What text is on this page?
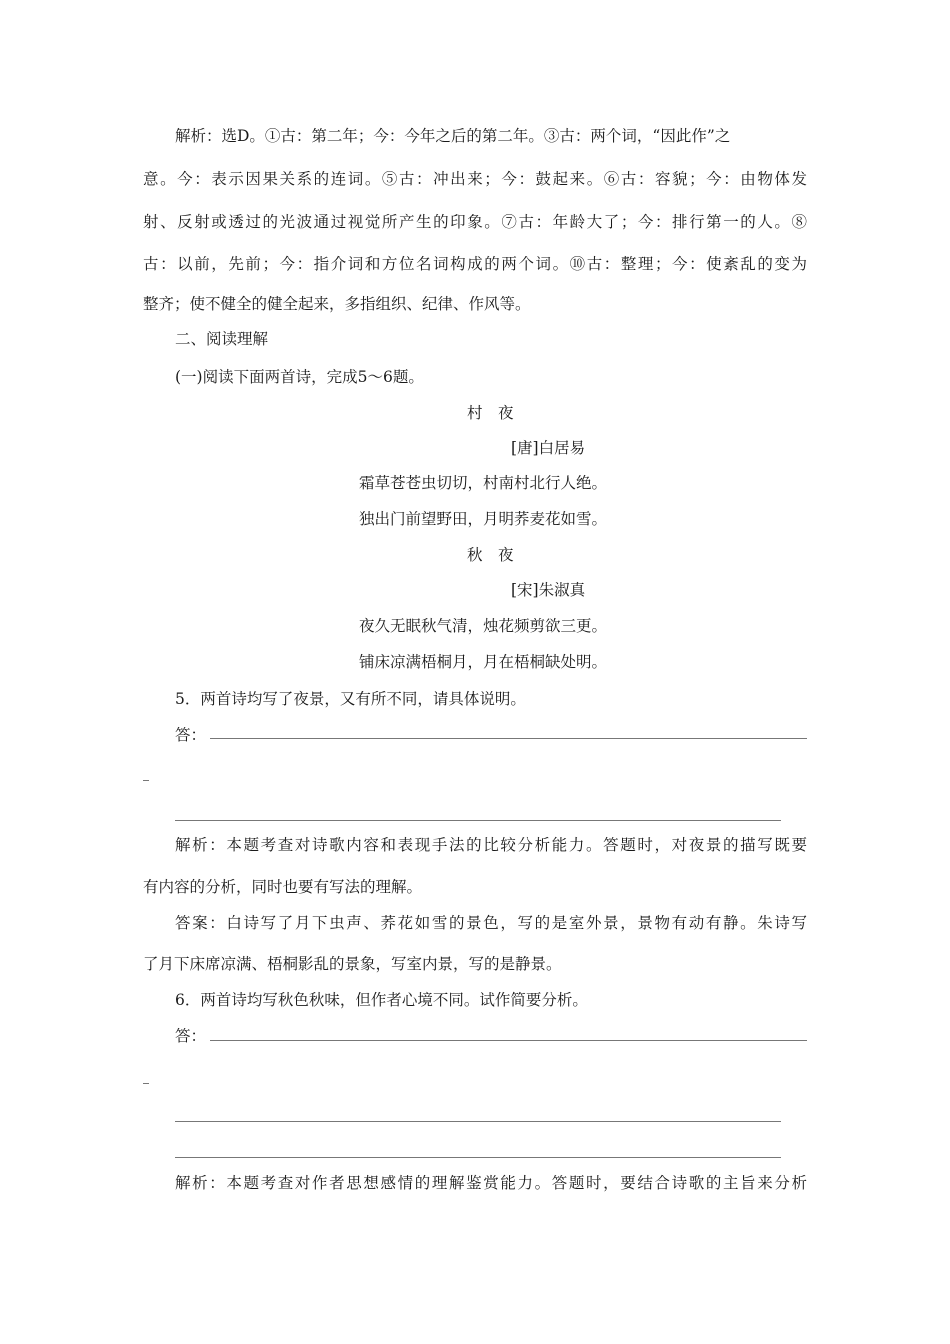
解析：选D。①古：第二年；今：今年之后的第二年。③古：两个词，“因此作”之
意。今：表示因果关系的连词。⑤古：冲出来；今：鼓起来。⑥古：容貌；今：由物体发
射、反射或透过的光波通过视觉所产生的印象。⑦古：年龄大了；今：排行第一的人。⑧
古：以前，先前；今：指介词和方位名词构成的两个词。⑩古：整理；今：使紊乱的变为
整齐；使不健全的健全起来，多指组织、纪律、作风等。
二、阅读理解
(一)阅读下面两首诗，完成5～6题。
村　夜
[唐]白居易
霜草苍苍虫切切，村南村北行人绝。
独出门前望野田，月明荞麦花如雪。
秋　夜
[宋]朱淑真
夜久无眠秋气清，烛花频剪欲三更。
铺床凉满梧桐月，月在梧桐缺处明。
5．两首诗均写了夜景，又有所不同，请具体说明。
答：
解析：本题考查对诗歌内容和表现手法的比较分析能力。答题时，对夜景的描写既要
有内容的分析，同时也要有写法的理解。
答案：白诗写了月下虫声、荞花如雪的景色，写的是室外景，景物有动有静。朱诗写
了月下床席凉满、梧桐影乱的景象，写室内景，写的是静景。
6．两首诗均写秋色秋味，但作者心境不同。试作简要分析。
答：
解析：本题考查对作者思想感情的理解鉴赏能力。答题时，要结合诗歌的主旨来分析
